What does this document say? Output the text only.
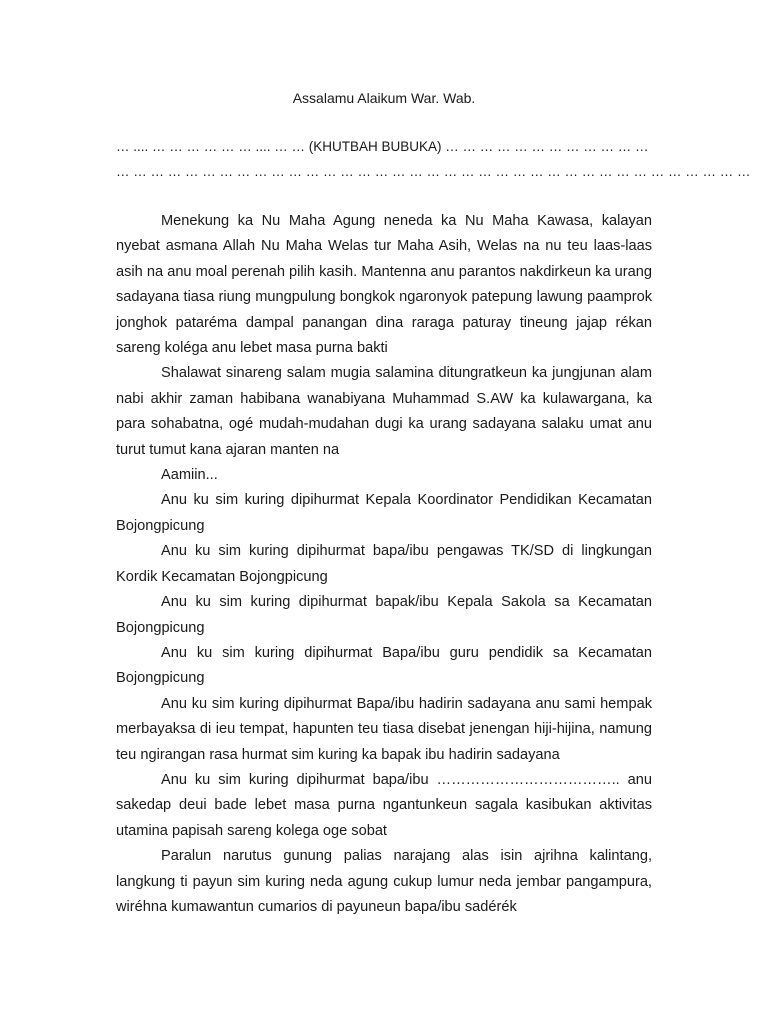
Assalamu Alaikum War. Wab.
… .... … … … … … … .... … … (KHUTBAH BUBUKA) … … … … … … … … … … … …
… … … … … … … … … … … … … … … … … … … … … … … … … … … … … … … … … … … … …

Menekung ka Nu Maha Agung neneda ka Nu Maha Kawasa, kalayan nyebat asmana Allah Nu Maha Welas tur Maha Asih, Welas na nu teu laas-laas asih na anu moal perenah pilih kasih. Mantenna anu parantos nakdirkeun ka urang sadayana tiasa riung mungpulung bongkok ngaronyok patepung lawung paamprok jonghok pataréma dampal panangan dina raraga paturay tineung jajap rékan sareng koléga anu lebet masa purna bakti

Shalawat sinareng salam mugia salamina ditungratkeun ka jungjunan alam nabi akhir zaman habibana wanabiyana Muhammad S.AW ka kulawargana, ka para sohabatna, ogé mudah-mudahan dugi ka urang sadayana salaku umat anu turut tumut kana ajaran manten na

Aamiin...

Anu ku sim kuring dipihurmat Kepala Koordinator Pendidikan Kecamatan Bojongpicung

Anu ku sim kuring dipihurmat bapa/ibu pengawas TK/SD di lingkungan Kordik Kecamatan Bojongpicung

Anu ku sim kuring dipihurmat bapak/ibu Kepala Sakola sa Kecamatan Bojongpicung

Anu ku sim kuring dipihurmat Bapa/ibu guru pendidik sa Kecamatan Bojongpicung

Anu ku sim kuring dipihurmat Bapa/ibu hadirin sadayana anu sami hempak merbayaksa di ieu tempat, hapunten teu tiasa disebat jenengan hiji-hijina, namung teu ngirangan rasa hurmat sim kuring ka bapak ibu hadirin sadayana

Anu ku sim kuring dipihurmat bapa/ibu ……………………………….. anu sakedap deui bade lebet masa purna ngantunkeun sagala kasibukan aktivitas utamina papisah sareng kolega oge sobat

Paralun narutus gunung palias narajang alas isin ajrihna kalintang, langkung ti payun sim kuring neda agung cukup lumur neda jembar pangampura, wiréhna kumawantun cumarios di payuneun bapa/ibu sadérék
